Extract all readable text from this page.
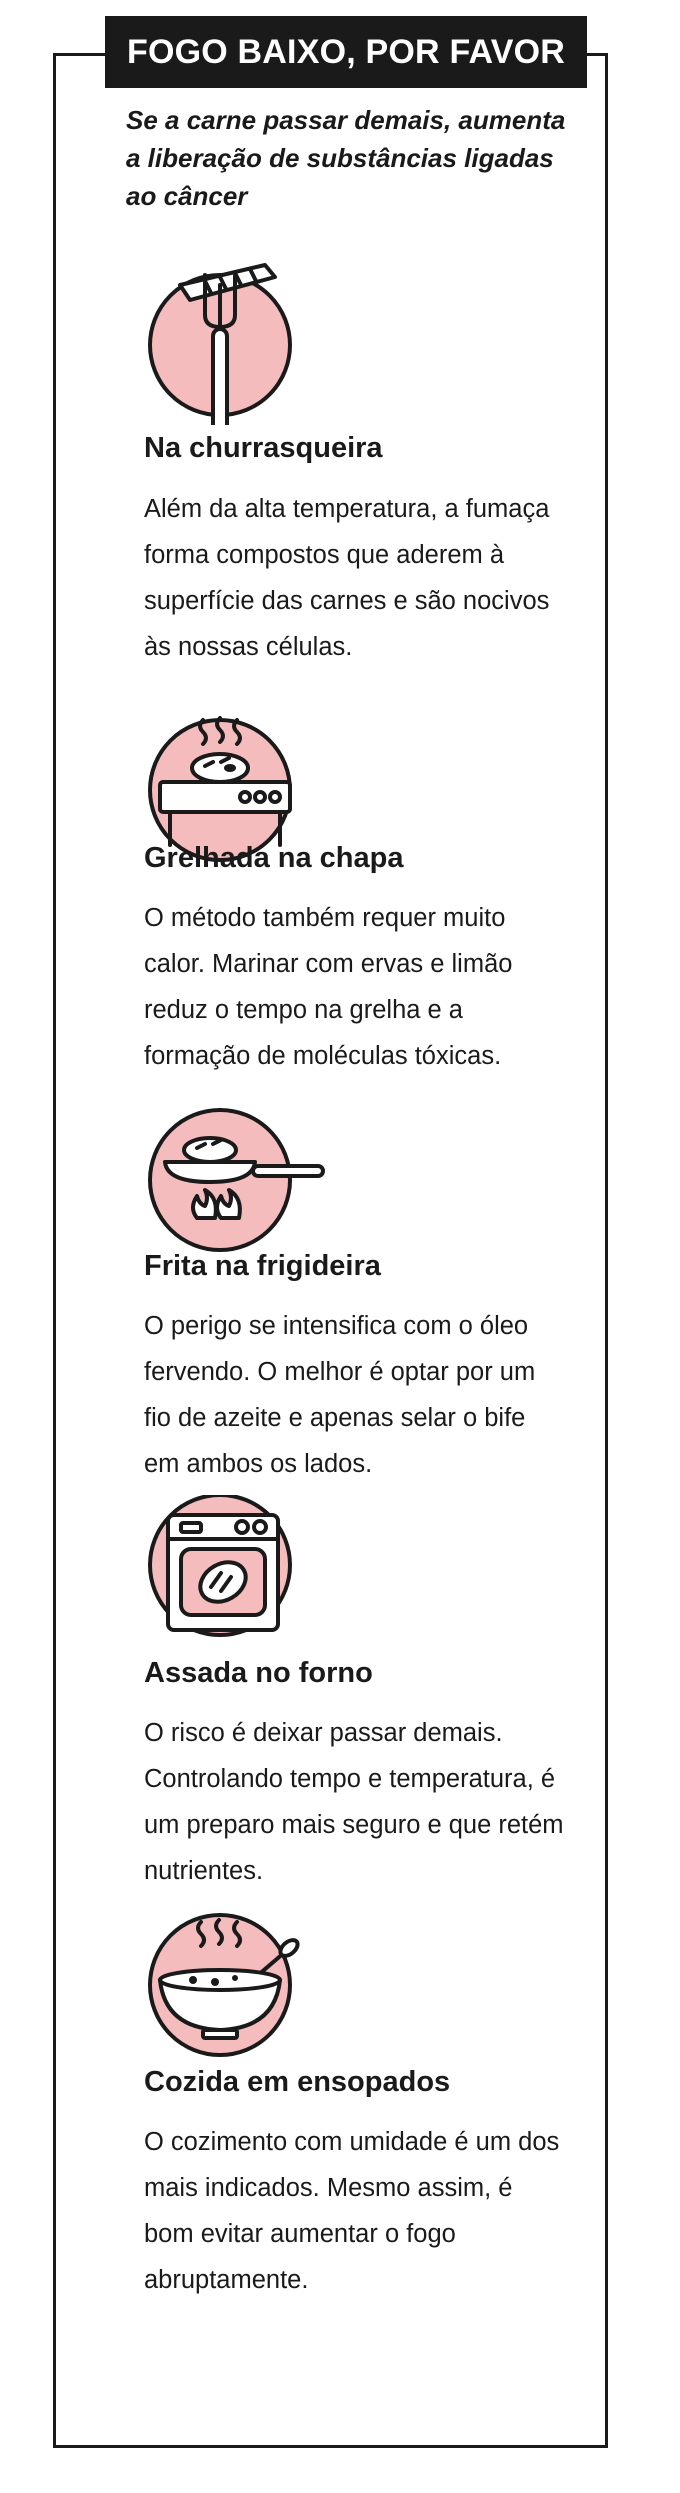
FOGO BAIXO, POR FAVOR
Se a carne passar demais, aumenta a liberação de substâncias ligadas ao câncer
Na churrasqueira

Além da alta temperatura, a fumaça forma compostos que aderem à superfície das carnes e são nocivos às nossas células.

Grelhada na chapa

O método também requer muito calor. Marinar com ervas e limão reduz o tempo na grelha e a formação de moléculas tóxicas.

Frita na frigideira

O perigo se intensifica com o óleo fervendo. O melhor é optar por um fio de azeite e apenas selar o bife em ambos os lados.

Assada no forno

O risco é deixar passar demais. Controlando tempo e temperatura, é um preparo mais seguro e que retém nutrientes.

Cozida em ensopados

O cozimento com umidade é um dos mais indicados. Mesmo assim, é bom evitar aumentar o fogo abruptamente.
